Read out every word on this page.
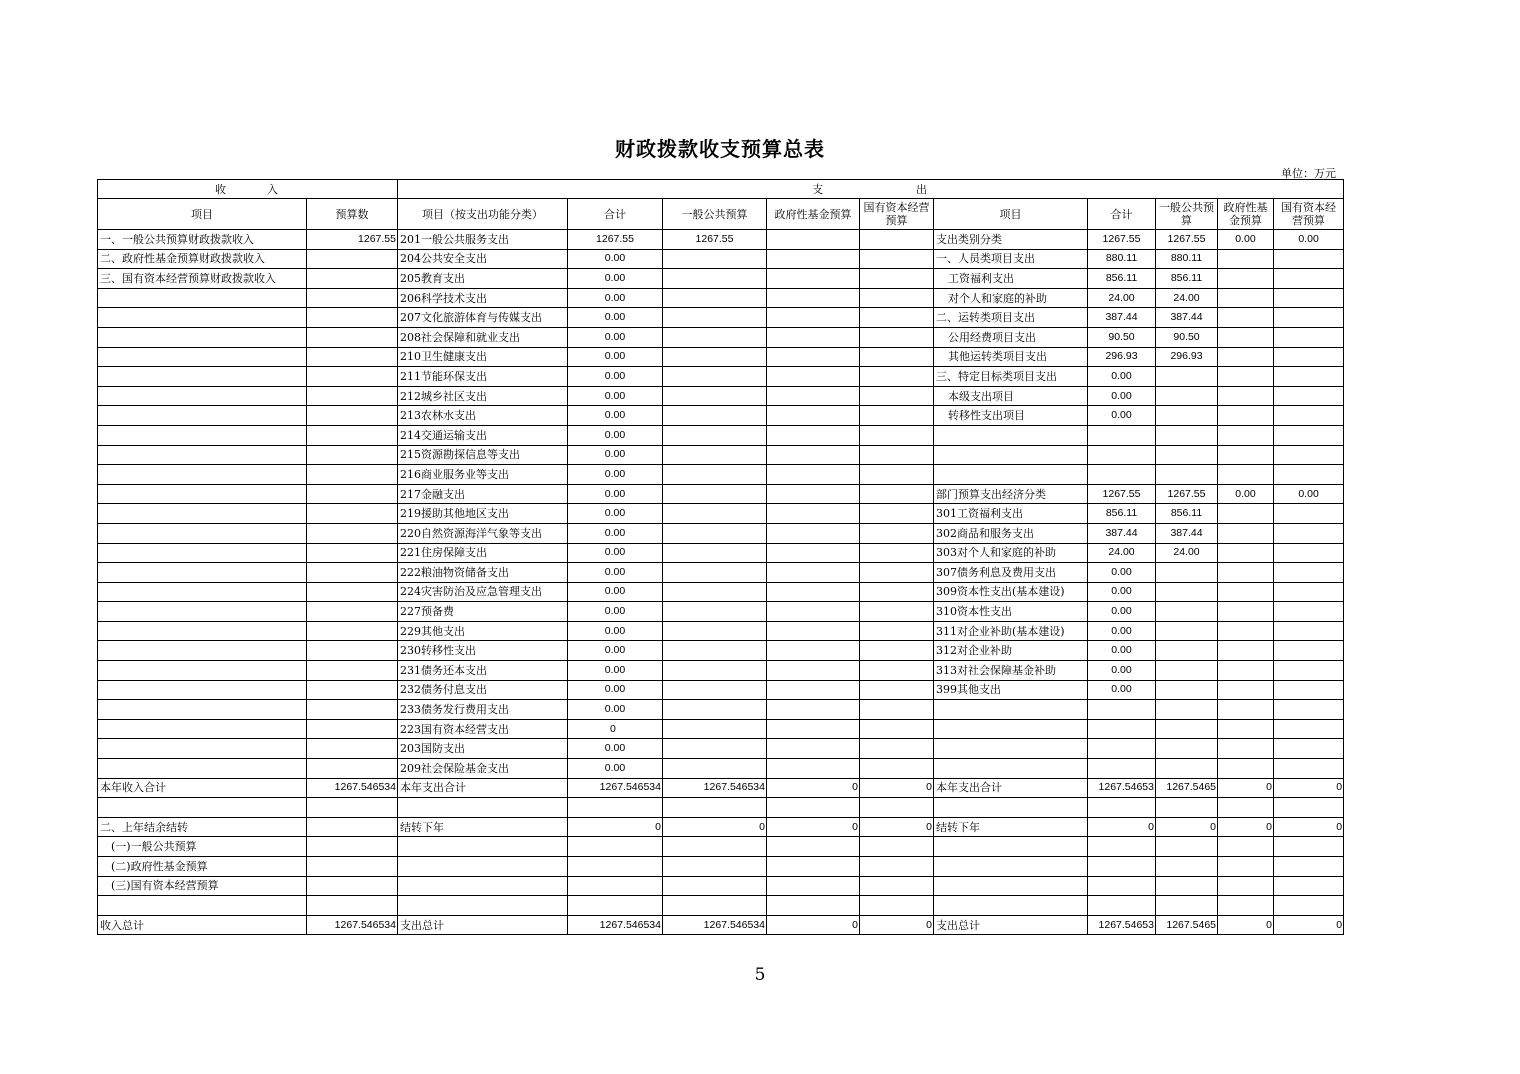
财政拨款收支预算总表
单位：万元
收　　　入		支　　　　　　　出									
项目	预算数	项目（按支出功能分类）	合计	一般公共预算	政府性基金预算	国有资本经营预算	项目	合计	一般公共预算	政府性基金预算	国有资本经营预算
一、一般公共预算财政拨款收入	1267.55	201一般公共服务支出	1267.55	1267.55			支出类别分类	1267.55	1267.55	0.00	0.00
二、政府性基金预算财政拨款收入		204公共安全支出	0.00				一、人员类项目支出	880.11	880.11		
三、国有资本经营预算财政拨款收入		205教育支出	0.00				工资福利支出	856.11	856.11		
		206科学技术支出	0.00				对个人和家庭的补助	24.00	24.00		
		207文化旅游体育与传媒支出	0.00				二、运转类项目支出	387.44	387.44		
		208社会保障和就业支出	0.00				公用经费项目支出	90.50	90.50		
		210卫生健康支出	0.00				其他运转类项目支出	296.93	296.93		
		211节能环保支出	0.00				三、特定目标类项目支出	0.00			
		212城乡社区支出	0.00				本级支出项目	0.00			
		213农林水支出	0.00				转移性支出项目	0.00			
		214交通运输支出	0.00								
		215资源勘探信息等支出	0.00								
		216商业服务业等支出	0.00								
		217金融支出	0.00				部门预算支出经济分类	1267.55	1267.55	0.00	0.00
		219援助其他地区支出	0.00				301工资福利支出	856.11	856.11		
		220自然资源海洋气象等支出	0.00				302商品和服务支出	387.44	387.44		
		221住房保障支出	0.00				303对个人和家庭的补助	24.00	24.00		
		222粮油物资储备支出	0.00				307债务利息及费用支出	0.00			
		224灾害防治及应急管理支出	0.00				309资本性支出(基本建设)	0.00			
		227预备费	0.00				310资本性支出	0.00			
		229其他支出	0.00				311对企业补助(基本建设)	0.00			
		230转移性支出	0.00				312对企业补助	0.00			
		231债务还本支出	0.00				313对社会保障基金补助	0.00			
		232债务付息支出	0.00				399其他支出	0.00			
		233债务发行费用支出	0.00								
		223国有资本经营支出	0								
		203国防支出	0.00								
		209社会保险基金支出	0.00								
本年收入合计	1267.546534	本年支出合计	1267.546534	1267.546534	0	0	本年支出合计	1267.54653	1267.5465	0	0

二、上年结余结转		结转下年	0	0	0	0	结转下年	0	0	0	0
(一)一般公共预算											
(二)政府性基金预算											
(三)国有资本经营预算											

收入总计	1267.546534	支出总计	1267.546534	1267.546534	0	0	支出总计	1267.54653	1267.5465	0	0
5
